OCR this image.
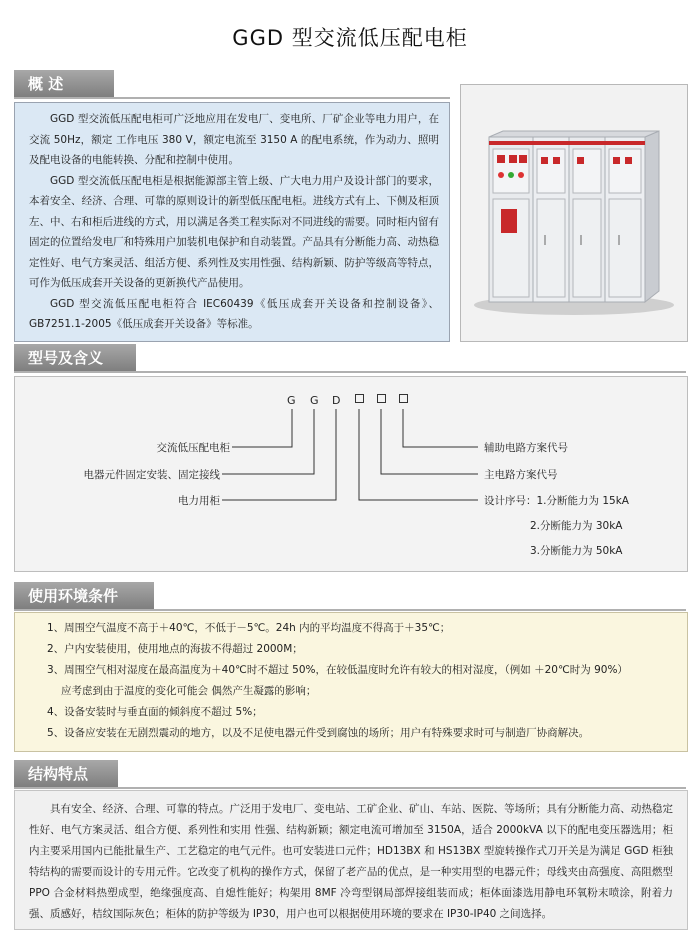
GGD 型交流低压配电柜
概 述

GGD 型交流低压配电柜可广泛地应用在发电厂、变电所、厂矿企业等电力用户，在交流 50Hz，额定 工作电压 380 V，额定电流至 3150 A 的配电系统，作为动力、照明及配电设备的电能转换、分配和控制中使用。

GGD 型交流低压配电柜是根据能源部主管上级、广大电力用户及设计部门的要求，本着安全、经济、合理、可靠的原则设计的新型低压配电柜。进线方式有上、下侧及柜顶左、中、右和柜后进线的方式，用以满足各类工程实际对不同进线的需要。同时柜内留有固定的位置给发电厂和特殊用户加装机电保护和自动装置。产品具有分断能力高、动热稳定性好、电气方案灵活、组活方便、系列性及实用性强、结构新颖、防护等级高等特点，可作为低压成套开关设备的更新换代产品使用。

GGD 型交流低压配电柜符合 IEC60439《低压成套开关设备和控制设备》、GB7251.1-2005《低压成套开关设备》等标准。

型号及含义
G G D
交流低压配电柜
电器元件固定安装、固定接线
电力用柜
辅助电路方案代号
主电路方案代号
设计序号：1.分断能力为 15kA
2.分断能力为 30kA
3.分断能力为 50kA
使用环境条件
1、周围空气温度不高于＋40℃，不低于－5℃。24h 内的平均温度不得高于＋35℃；
2、户内安装使用，使用地点的海拔不得超过 2000M；
3、周围空气相对湿度在最高温度为＋40℃时不超过 50%，在较低温度时允许有较大的相对湿度，（例如 ＋20℃时为 90%）
应考虑到由于温度的变化可能会 偶然产生凝露的影响；
4、设备安装时与垂直面的倾斜度不超过 5%；
5、设备应安装在无剧烈震动的地方，以及不足使电器元件受到腐蚀的场所；用户有特殊要求时可与制造厂协商解决。
结构特点

具有安全、经济、合理、可靠的特点。广泛用于发电厂、变电站、工矿企业、矿山、车站、医院、等场所；具有分断能力高、动热稳定性好、电气方案灵活、组合方便、系列性和实用 性强、结构新颖；额定电流可增加至 3150A，适合 2000kVA 以下的配电变压器选用；柜内主要采用国内已能批量生产、工艺稳定的电气元件。也可安装进口元件；HD13BX 和 HS13BX 型旋转操作式刀开关是为满足 GGD 柜独特结构的需要而设计的专用元件。它改变了机构的操作方式，保留了老产品的优点，是一种实用型的电器元件；母线夹由高强度、高阻燃型 PPO 合金材料热塑成型，绝缘强度高、自熄性能好；构架用 8MF 冷弯型钢局部焊接组装而成；柜体面漆选用静电环氧粉末喷涂，附着力强、质感好，桔纹国际灰色；柜体的防护等级为 IP30，用户也可以根据使用环境的要求在 IP30-IP40 之间选择。
